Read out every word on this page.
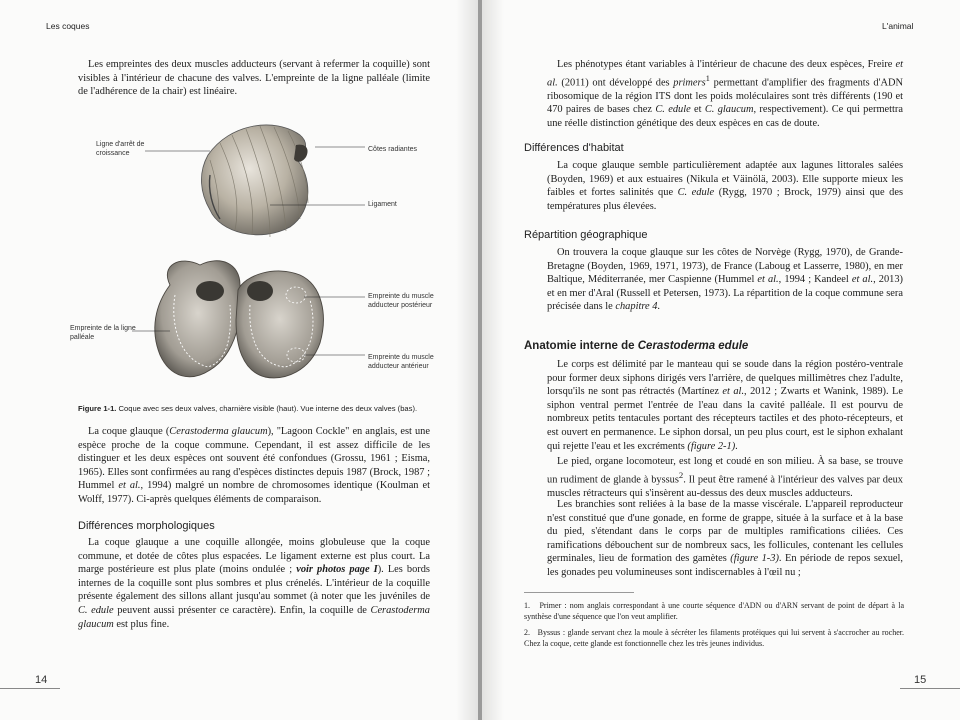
Les coques

Les empreintes des deux muscles adducteurs (servant à refermer la coquille) sont visibles à l'intérieur de chacune des valves. L'empreinte de la ligne palléale (limite de l'adhérence de la chair) est linéaire.

Ligne d'arrêt de croissance
Côtes radiantes
Ligament
Empreinte de la ligne palléale
Empreinte du muscle adducteur postérieur
Empreinte du muscle adducteur antérieur
Figure 1-1. Coque avec ses deux valves, charnière visible (haut). Vue interne des deux valves (bas).

La coque glauque (Cerastoderma glaucum), "Lagoon Cockle" en anglais, est une espèce proche de la coque commune. Cependant, il est assez difficile de les distinguer et les deux espèces ont souvent été confondues (Grossu, 1961 ; Eisma, 1965). Elles sont confirmées au rang d'espèces distinctes depuis 1987 (Brock, 1987 ; Hummel et al., 1994) malgré un nombre de chromosomes identique (Koulman et Wolff, 1977). Ci-après quelques éléments de comparaison.

Différences morphologiques

La coque glauque a une coquille allongée, moins globuleuse que la coque commune, et dotée de côtes plus espacées. Le ligament externe est plus court. La marge postérieure est plus plate (moins ondulée ; voir photos page I). Les bords internes de la coquille sont plus sombres et plus crénelés. L'intérieur de la coquille présente également des sillons allant jusqu'au sommet (à noter que les juvéniles de C. edule peuvent aussi présenter ce caractère). Enfin, la coquille de Cerastoderma glaucum est plus fine.

14
L'animal

Les phénotypes étant variables à l'intérieur de chacune des deux espèces, Freire et al. (2011) ont développé des primers$^1$ permettant d'amplifier des fragments d'ADN ribosomique de la région ITS dont les poids moléculaires sont très différents (190 et 470 paires de bases chez C. edule et C. glaucum, respectivement). Ce qui permettra une réelle distinction génétique des deux espèces en cas de doute.

Différences d'habitat

La coque glauque semble particulièrement adaptée aux lagunes littorales salées (Boyden, 1969) et aux estuaires (Nikula et Väinölä, 2003). Elle supporte mieux les faibles et fortes salinités que C. edule (Rygg, 1970 ; Brock, 1979) ainsi que des températures plus élevées.

Répartition géographique

On trouvera la coque glauque sur les côtes de Norvège (Rygg, 1970), de Grande-Bretagne (Boyden, 1969, 1971, 1973), de France (Laboug et Lasserre, 1980), en mer Baltique, Méditerranée, mer Caspienne (Hummel et al., 1994 ; Kandeel et al., 2013) et en mer d'Aral (Russell et Petersen, 1973). La répartition de la coque commune sera précisée dans le chapitre 4.

Anatomie interne de Cerastoderma edule

Le corps est délimité par le manteau qui se soude dans la région postéro-ventrale pour former deux siphons dirigés vers l'arrière, de quelques millimètres chez l'adulte, lorsqu'ils ne sont pas rétractés (Martínez et al., 2012 ; Zwarts et Wanink, 1989). Le siphon ventral permet l'entrée de l'eau dans la cavité palléale. Il est pourvu de nombreux petits tentacules portant des récepteurs tactiles et des photo-récepteurs, et est ouvert en permanence. Le siphon dorsal, un peu plus court, est le siphon exhalant qui rejette l'eau et les excréments (figure 2-1).

Le pied, organe locomoteur, est long et coudé en son milieu. À sa base, se trouve un rudiment de glande à byssus$^2$. Il peut être ramené à l'intérieur des valves par deux muscles rétracteurs qui s'insèrent au-dessus des deux muscles adducteurs.

Les branchies sont reliées à la base de la masse viscérale. L'appareil reproducteur n'est constitué que d'une gonade, en forme de grappe, située à la surface et à la base du pied, s'étendant dans le corps par de multiples ramifications ciliées. Ces ramifications débouchent sur de nombreux sacs, les follicules, contenant les cellules germinales, lieu de formation des gamètes (figure 1-3). En période de repos sexuel, les gonades peu volumineuses sont indiscernables à l'œil nu ;

1.   Primer : nom anglais correspondant à une courte séquence d'ADN ou d'ARN servant de point de départ à la synthèse d'une séquence que l'on veut amplifier.

2.   Byssus : glande servant chez la moule à sécréter les filaments protéiques qui lui servent à s'accrocher au rocher. Chez la coque, cette glande est fonctionnelle chez les très jeunes individus.

15
